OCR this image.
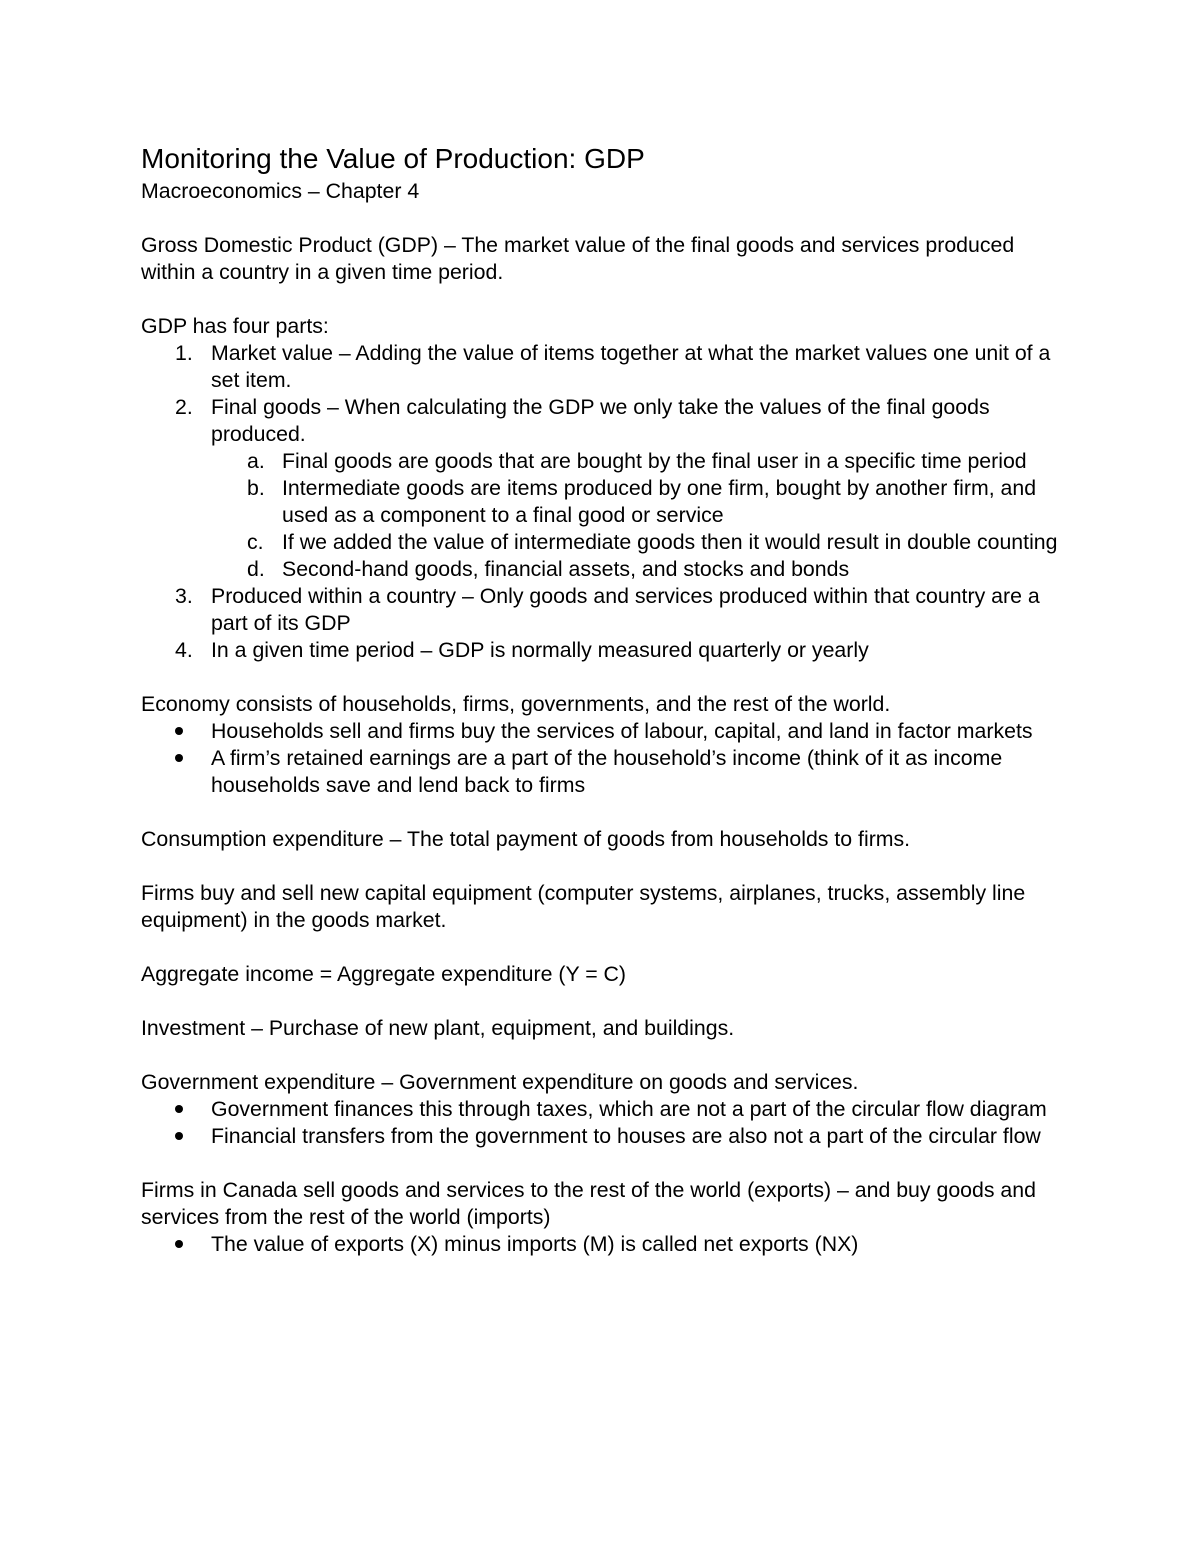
Monitoring the Value of Production: GDP

Macroeconomics – Chapter 4

Gross Domestic Product (GDP) – The market value of the final goods and services produced within a country in a given time period.

GDP has four parts:

1. Market value – Adding the value of items together at what the market values one unit of a set item.
2. Final goods – When calculating the GDP we only take the values of the final goods produced.
a. Final goods are goods that are bought by the final user in a specific time period
b. Intermediate goods are items produced by one firm, bought by another firm, and used as a component to a final good or service
c. If we added the value of intermediate goods then it would result in double counting
d. Second-hand goods, financial assets, and stocks and bonds
3. Produced within a country – Only goods and services produced within that country are a part of its GDP
4. In a given time period – GDP is normally measured quarterly or yearly

Economy consists of households, firms, governments, and the rest of the world.

Households sell and firms buy the services of labour, capital, and land in factor markets
A firm’s retained earnings are a part of the household’s income (think of it as income households save and lend back to firms

Consumption expenditure – The total payment of goods from households to firms.

Firms buy and sell new capital equipment (computer systems, airplanes, trucks, assembly line equipment) in the goods market.

Aggregate income = Aggregate expenditure (Y = C)

Investment – Purchase of new plant, equipment, and buildings.

Government expenditure – Government expenditure on goods and services.

Government finances this through taxes, which are not a part of the circular flow diagram
Financial transfers from the government to houses are also not a part of the circular flow

Firms in Canada sell goods and services to the rest of the world (exports) – and buy goods and services from the rest of the world (imports)

The value of exports (X) minus imports (M) is called net exports (NX)
